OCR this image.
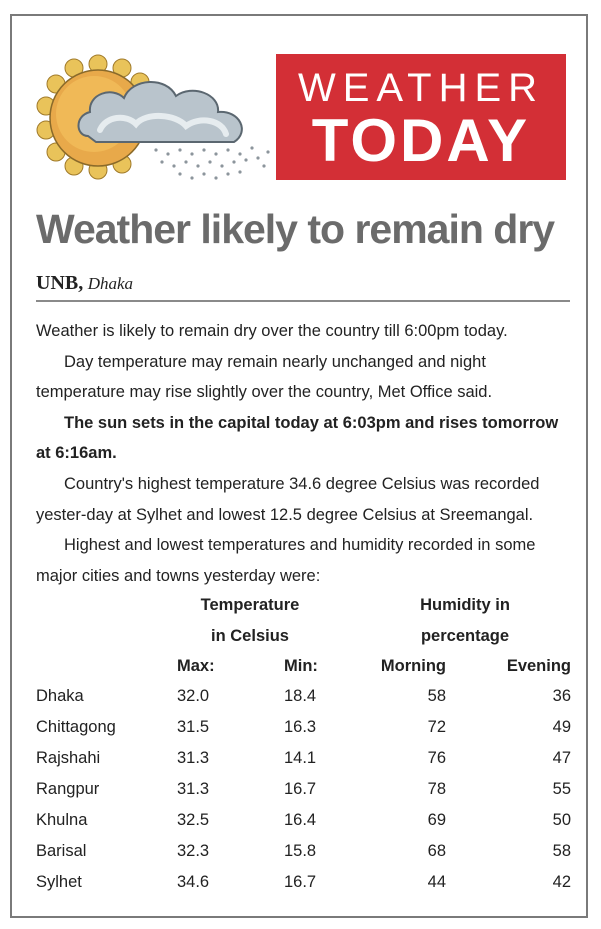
WEATHER
TODAY
Weather likely to remain dry
UNB, Dhaka

Weather is likely to remain dry over the country till 6:00pm today.

Day temperature may remain nearly unchanged and night temperature may rise slightly over the country, Met Office said.

The sun sets in the capital today at 6:03pm and rises tomorrow at 6:16am.

Country's highest temperature 34.6 degree Celsius was recorded yester-day at Sylhet and lowest 12.5 degree Celsius at Sreemangal.

Highest and lowest temperatures and humidity recorded in some major cities and towns yesterday were:

Temperature
in Celsius
Humidity in
percentage
Max:	Min:	Morning	Evening
Dhaka	32.0	18.4	58	36
Chittagong	31.5	16.3	72	49
Rajshahi	31.3	14.1	76	47
Rangpur	31.3	16.7	78	55
Khulna	32.5	16.4	69	50
Barisal	32.3	15.8	68	58
Sylhet	34.6	16.7	44	42
